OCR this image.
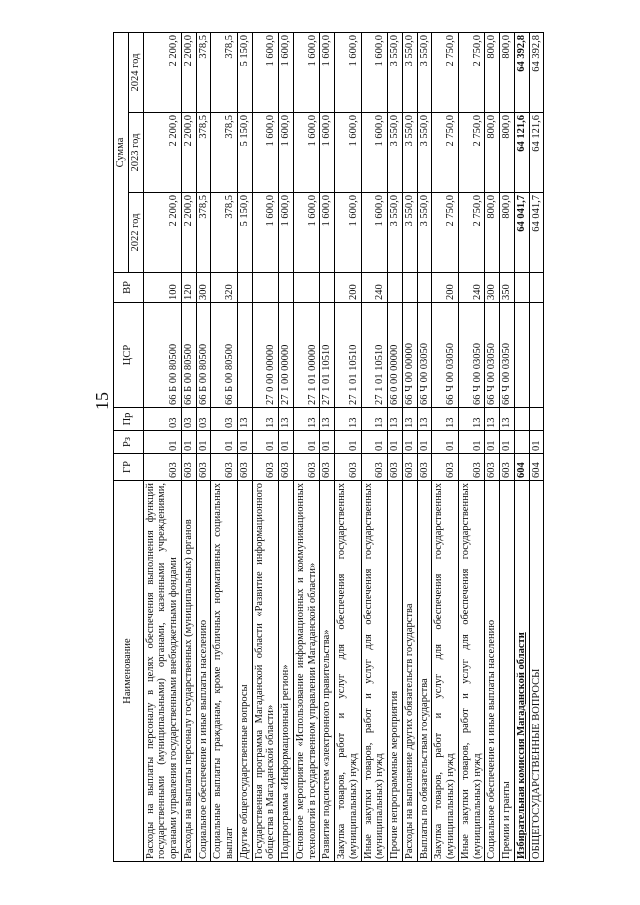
15
Наименование	ГР	Рз	Пр	ЦСР	ВР	Сумма		
						2022 год	2023 год	2024 год
Расходы на выплаты персоналу в целях обеспечения выполнения функций государственными (муниципальными) органами, казенными учреждениями, органами управления государственными внебюджетными фондами	603	01	03	66 Б 00 80500	100	2 200,0	2 200,0	2 200,0
Расходы на выплаты персоналу государственных (муниципальных) органов	603	01	03	66 Б 00 80500	120	2 200,0	2 200,0	2 200,0
Социальное обеспечение и иные выплаты населению	603	01	03	66 Б 00 80500	300	378,5	378,5	378,5
Социальные выплаты гражданам, кроме публичных нормативных социальных выплат	603	01	03	66 Б 00 80500	320	378,5	378,5	378,5
Другие общегосударственные вопросы	603	01	13			5 150,0	5 150,0	5 150,0
Государственная программа Магаданской области «Развитие информационного общества в Магаданской области»	603	01	13	27 0 00 00000		1 600,0	1 600,0	1 600,0
Подпрограмма «Информационный регион»	603	01	13	27 1 00 00000		1 600,0	1 600,0	1 600,0
Основное мероприятие «Использование информационных и коммуникационных технологий в государственном управлении Магаданской области»	603	01	13	27 1 01 00000		1 600,0	1 600,0	1 600,0
Развитие подсистем «электронного правительства»	603	01	13	27 1 01 10510		1 600,0	1 600,0	1 600,0
Закупка товаров, работ и услуг для обеспечения государственных (муниципальных) нужд	603	01	13	27 1 01 10510	200	1 600,0	1 600,0	1 600,0
Иные закупки товаров, работ и услуг для обеспечения государственных (муниципальных) нужд	603	01	13	27 1 01 10510	240	1 600,0	1 600,0	1 600,0
Прочие непрограммные мероприятия	603	01	13	66 0 00 00000		3 550,0	3 550,0	3 550,0
Расходы на выполнение других обязательств государства	603	01	13	66 Ч 00 00000		3 550,0	3 550,0	3 550,0
Выплаты по обязательствам государства	603	01	13	66 Ч 00 03050		3 550,0	3 550,0	3 550,0
Закупка товаров, работ и услуг для обеспечения государственных (муниципальных) нужд	603	01	13	66 Ч 00 03050	200	2 750,0	2 750,0	2 750,0
Иные закупки товаров, работ и услуг для обеспечения государственных (муниципальных) нужд	603	01	13	66 Ч 00 03050	240	2 750,0	2 750,0	2 750,0
Социальное обеспечение и иные выплаты населению	603	01	13	66 Ч 00 03050	300	800,0	800,0	800,0
Премии и гранты	603	01	13	66 Ч 00 03050	350	800,0	800,0	800,0
Избирательная комиссия Магаданской области	604					64 041,7	64 121,6	64 392,8
ОБЩЕГОСУДАРСТВЕННЫЕ ВОПРОСЫ	604	01				64 041,7	64 121,6	64 392,8
